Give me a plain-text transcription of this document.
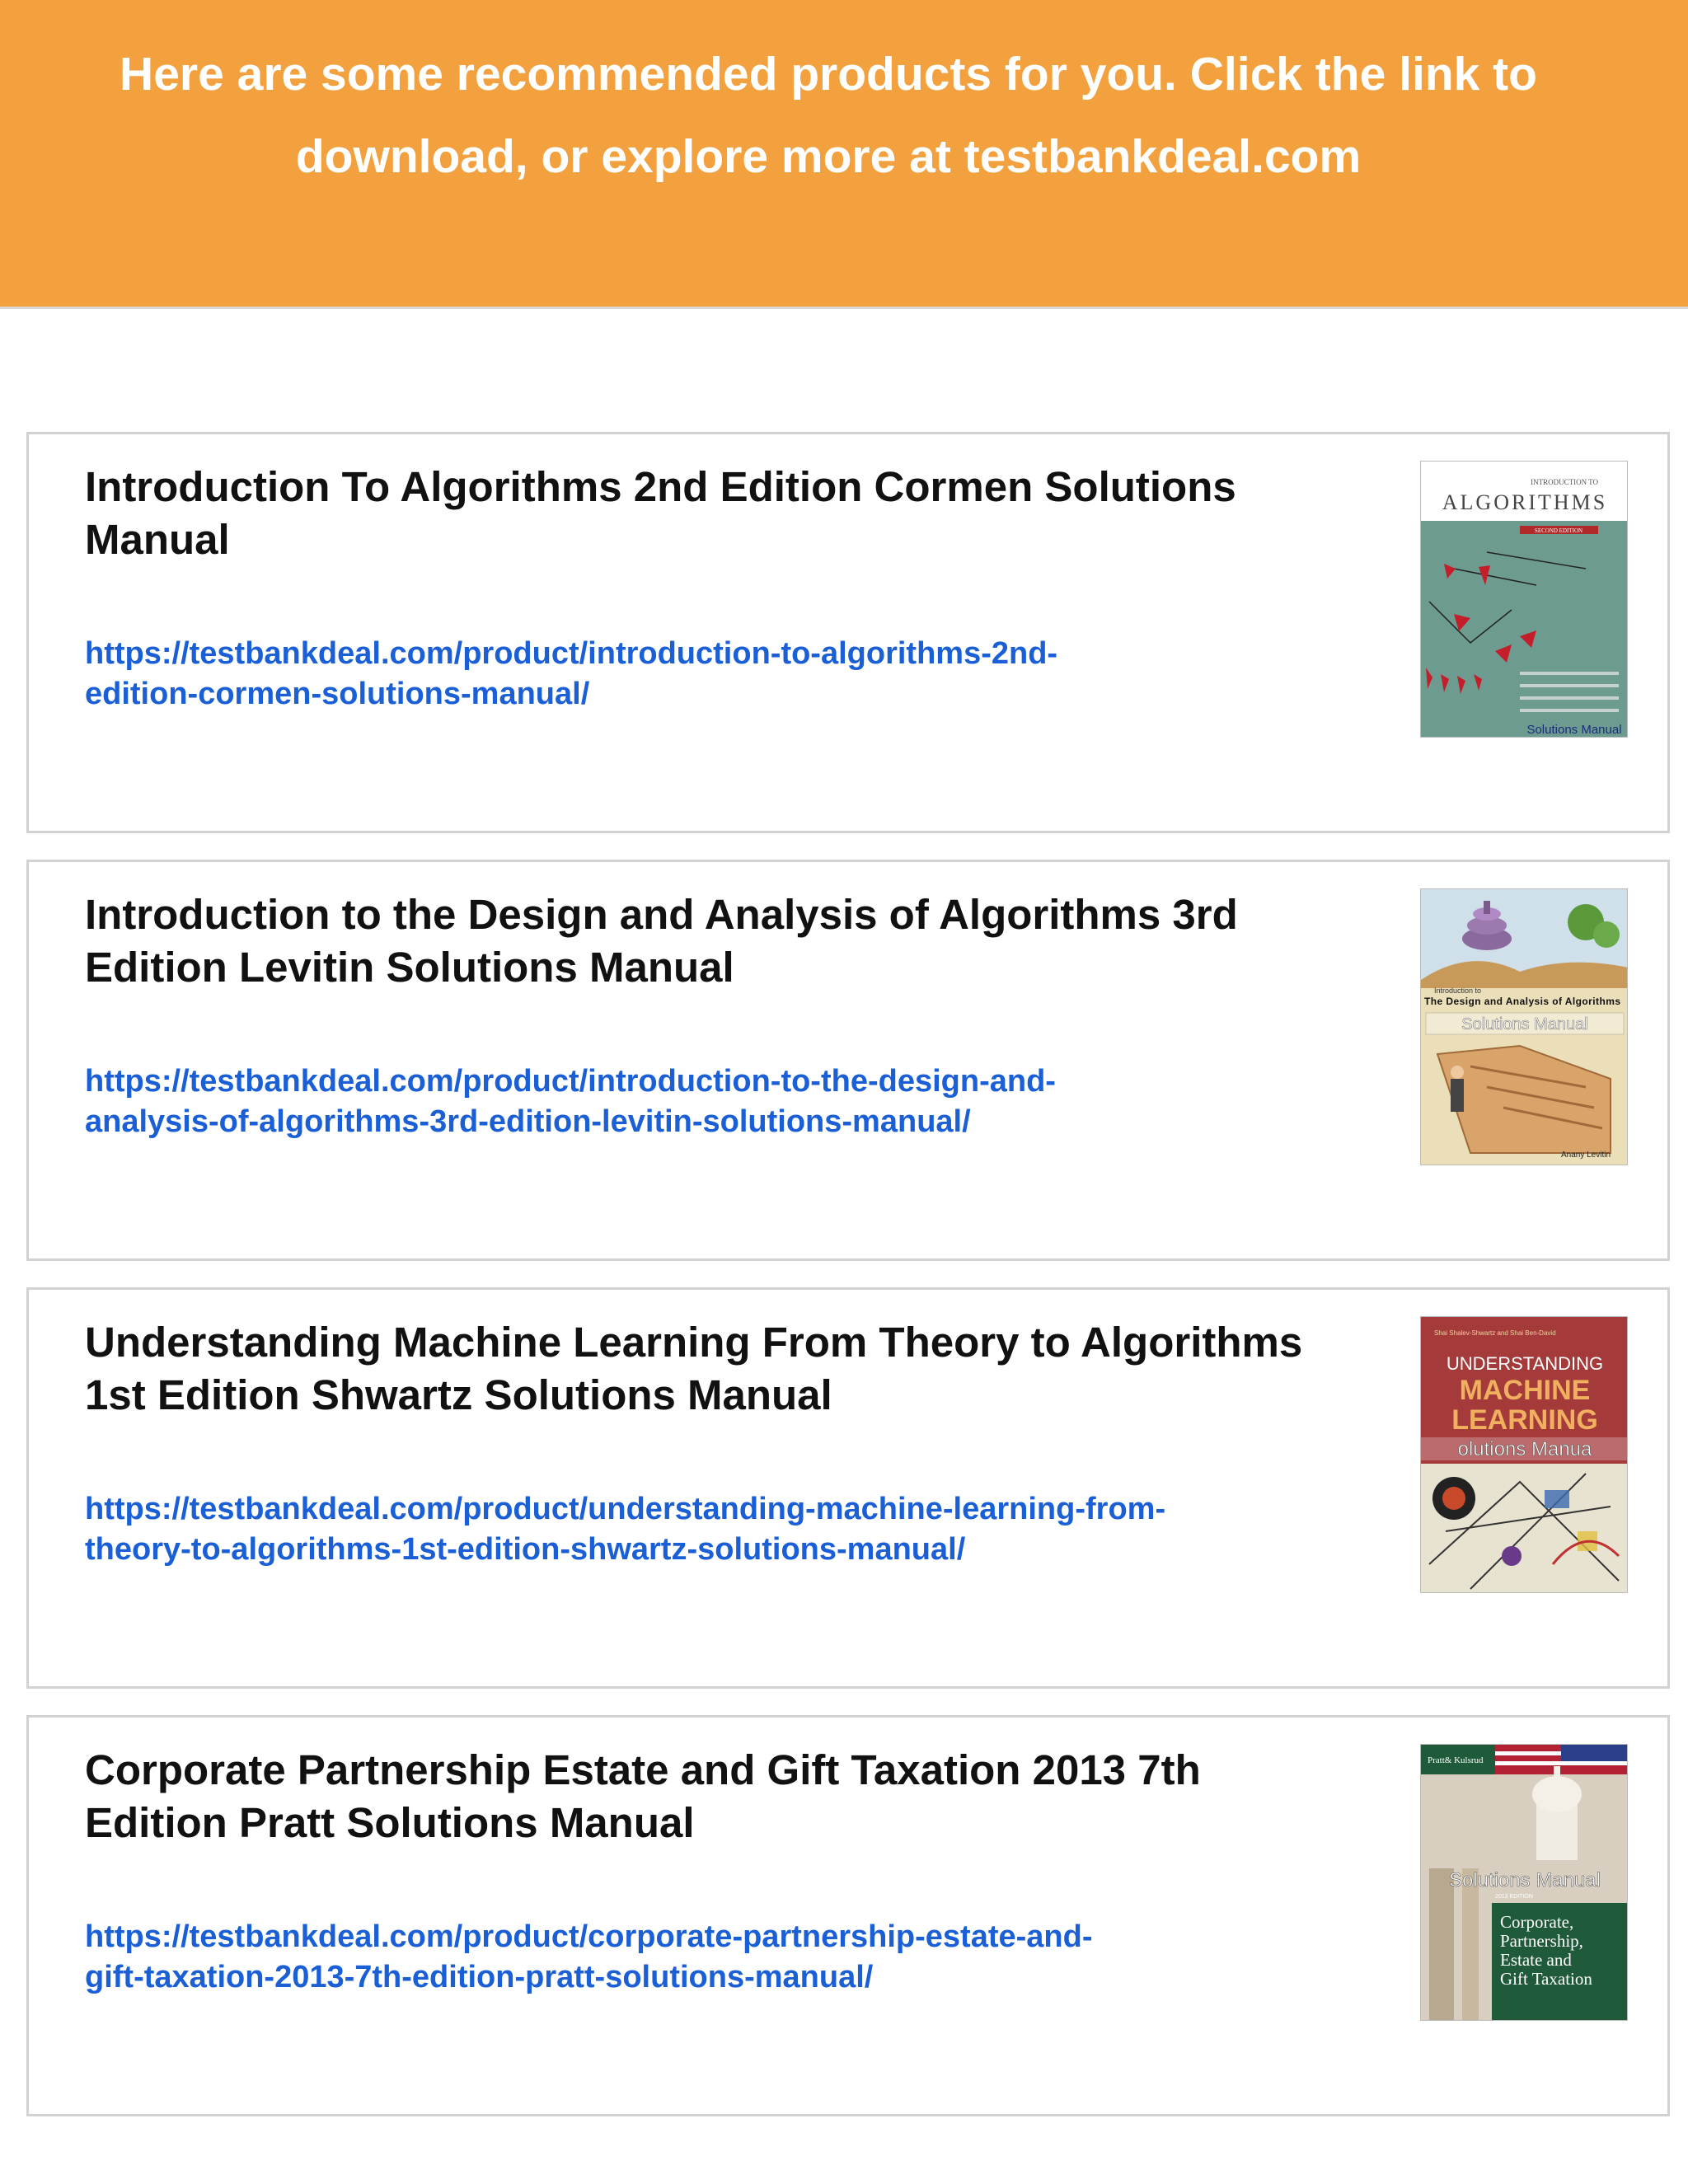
Here are some recommended products for you. Click the link to
download, or explore more at testbankdeal.com
Introduction To Algorithms 2nd Edition Cormen Solutions
Manual
https://testbankdeal.com/product/introduction-to-algorithms-2nd-
edition-cormen-solutions-manual/
INTRODUCTION TO
ALGORITHMS
SECOND EDITION
Solutions Manual
Introduction to the Design and Analysis of Algorithms 3rd
Edition Levitin Solutions Manual
https://testbankdeal.com/product/introduction-to-the-design-and-
analysis-of-algorithms-3rd-edition-levitin-solutions-manual/
Introduction to
The Design and Analysis of Algorithms
Solutions Manual
Anany Levitin
Understanding Machine Learning From Theory to Algorithms
1st Edition Shwartz Solutions Manual
https://testbankdeal.com/product/understanding-machine-learning-from-
theory-to-algorithms-1st-edition-shwartz-solutions-manual/
Shai Shalev-Shwartz and Shai Ben-David
UNDERSTANDING
MACHINE
LEARNING
olutions Manua
Corporate Partnership Estate and Gift Taxation 2013 7th
Edition Pratt Solutions Manual
https://testbankdeal.com/product/corporate-partnership-estate-and-
gift-taxation-2013-7th-edition-pratt-solutions-manual/
Pratt& Kulsrud
Solutions Manual
2013 EDITION
Corporate,
Partnership,
Estate and
Gift Taxation
